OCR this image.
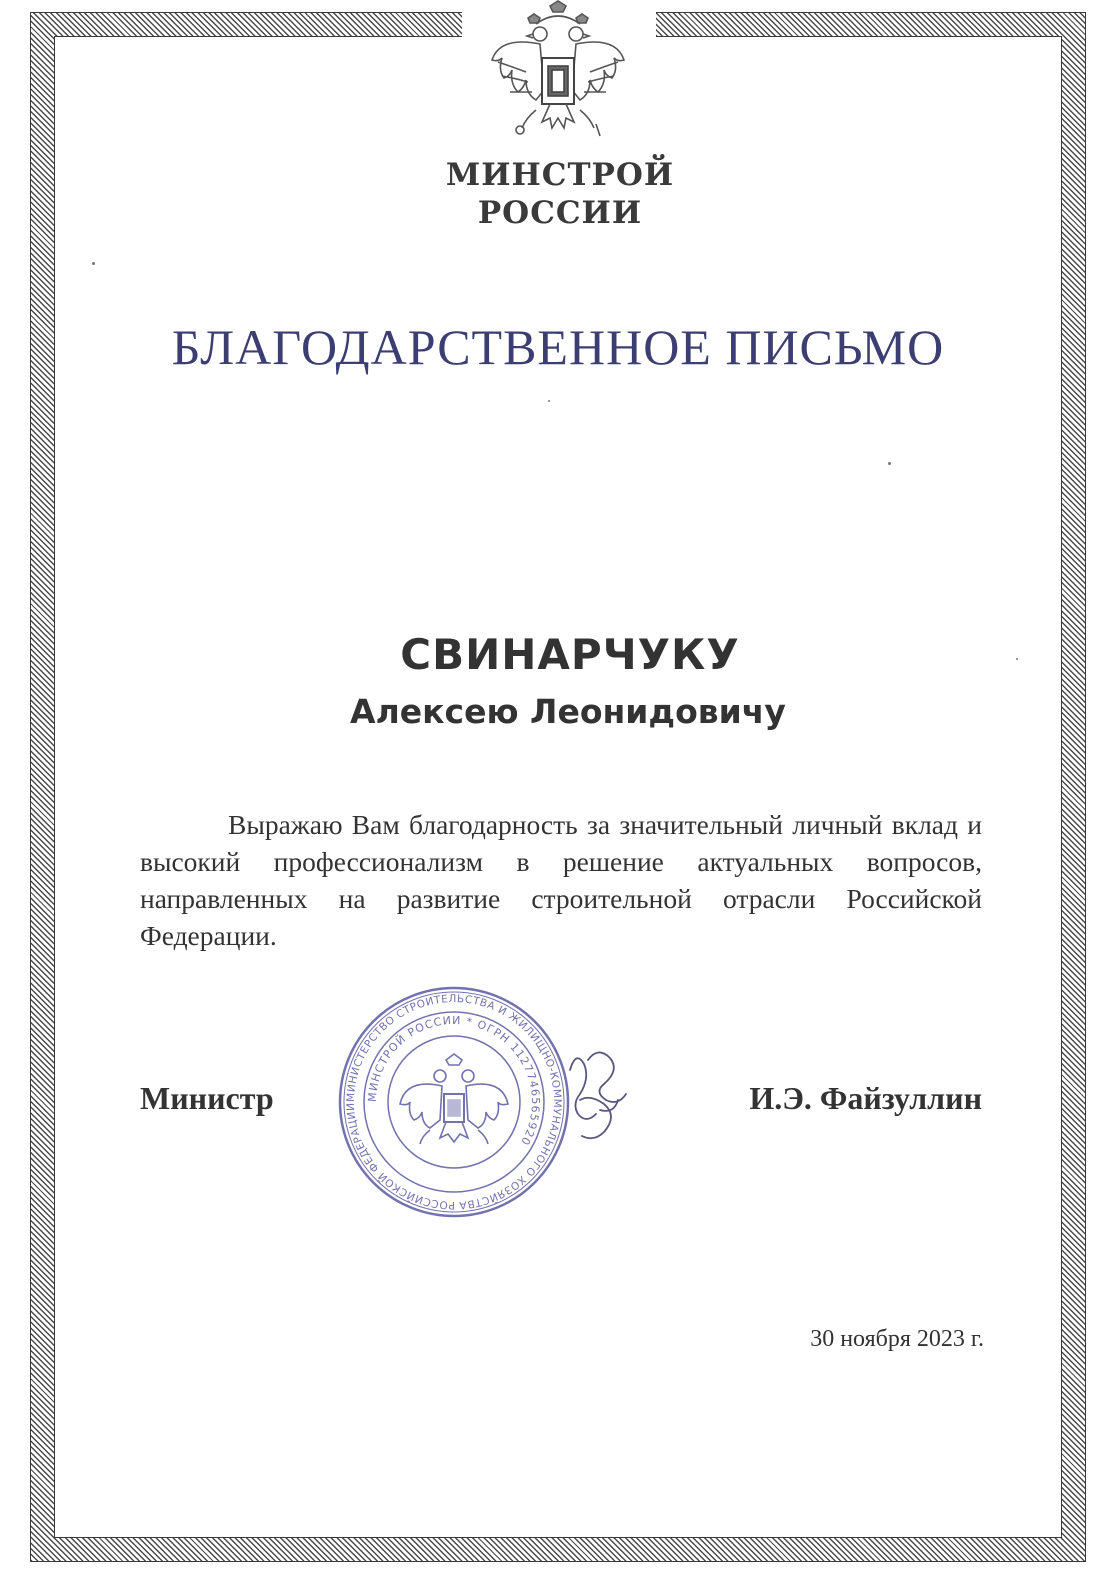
МИНСТРОЙ
РОССИИ
БЛАГОДАРСТВЕННОЕ ПИСЬМО
СВИНАРЧУКУ
Алексею Леонидовичу

Выражаю Вам благодарность за значительный личный вклад и высокий профессионализм в решение актуальных вопросов, направленных на развитие строительной отрасли Российской Федерации.

Министр	МИНИСТЕРСТВО СТРОИТЕЛЬСТВА И ЖИЛИЩНО-КОММУНАЛЬНОГО ХОЗЯЙСТВА РОССИЙСКОЙ ФЕДЕРАЦИИ
МИНСТРОЙ РОССИИ * ОГРН 1127746565920
И.Э. Файзуллин
30 ноября 2023 г.
